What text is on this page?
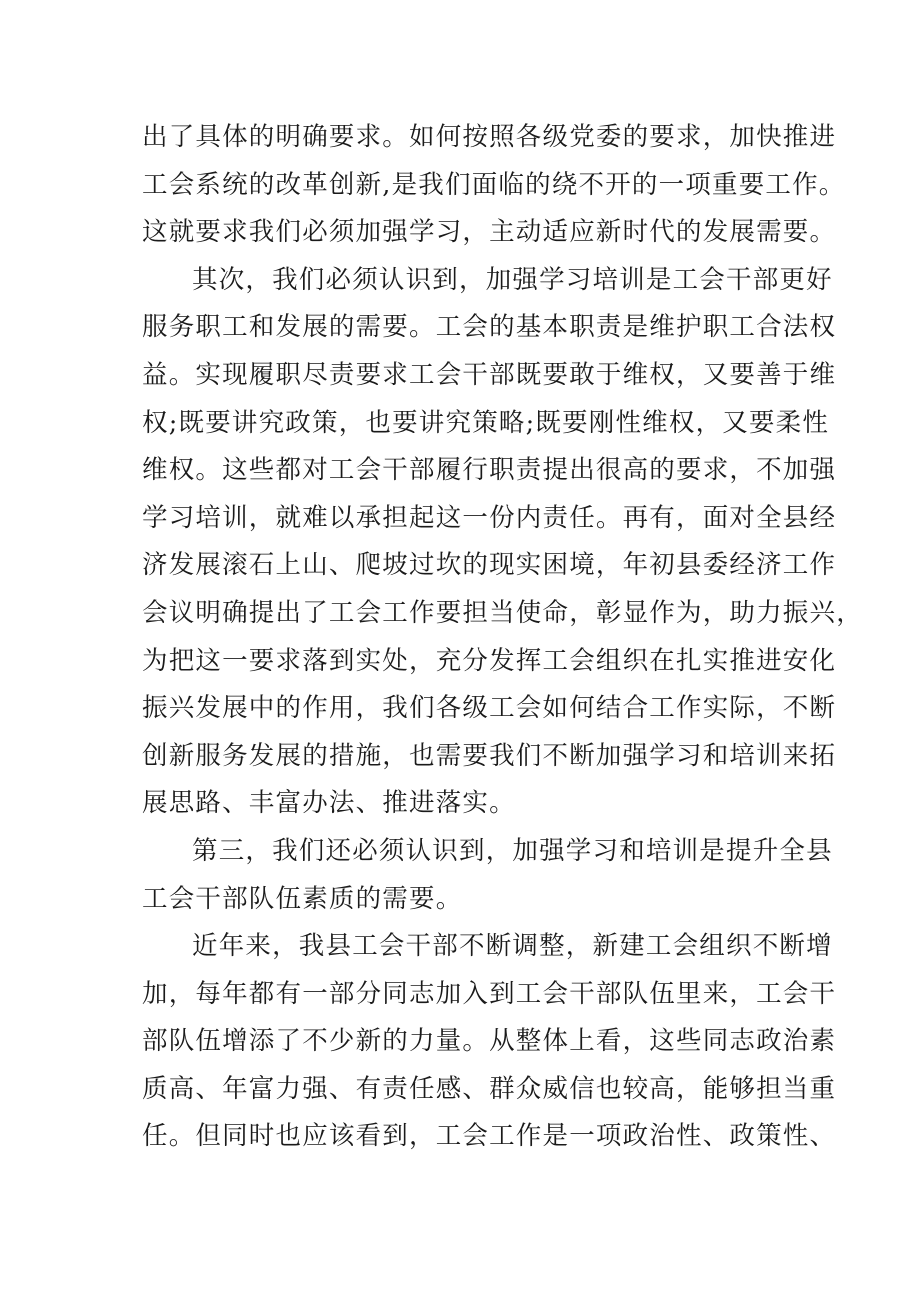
出了具体的明确要求。如何按照各级党委的要求，加快推进
工会系统的改革创新,是我们面临的绕不开的一项重要工作。
这就要求我们必须加强学习，主动适应新时代的发展需要。
其次，我们必须认识到，加强学习培训是工会干部更好
服务职工和发展的需要。工会的基本职责是维护职工合法权
益。实现履职尽责要求工会干部既要敢于维权，又要善于维
权;既要讲究政策，也要讲究策略;既要刚性维权，又要柔性
维权。这些都对工会干部履行职责提出很高的要求，不加强
学习培训，就难以承担起这一份内责任。再有，面对全县经
济发展滚石上山、爬坡过坎的现实困境，年初县委经济工作
会议明确提出了工会工作要担当使命，彰显作为，助力振兴，
为把这一要求落到实处，充分发挥工会组织在扎实推进安化
振兴发展中的作用，我们各级工会如何结合工作实际，不断
创新服务发展的措施，也需要我们不断加强学习和培训来拓
展思路、丰富办法、推进落实。
第三，我们还必须认识到，加强学习和培训是提升全县
工会干部队伍素质的需要。
近年来，我县工会干部不断调整，新建工会组织不断增
加，每年都有一部分同志加入到工会干部队伍里来，工会干
部队伍增添了不少新的力量。从整体上看，这些同志政治素
质高、年富力强、有责任感、群众威信也较高，能够担当重
任。但同时也应该看到，工会工作是一项政治性、政策性、
